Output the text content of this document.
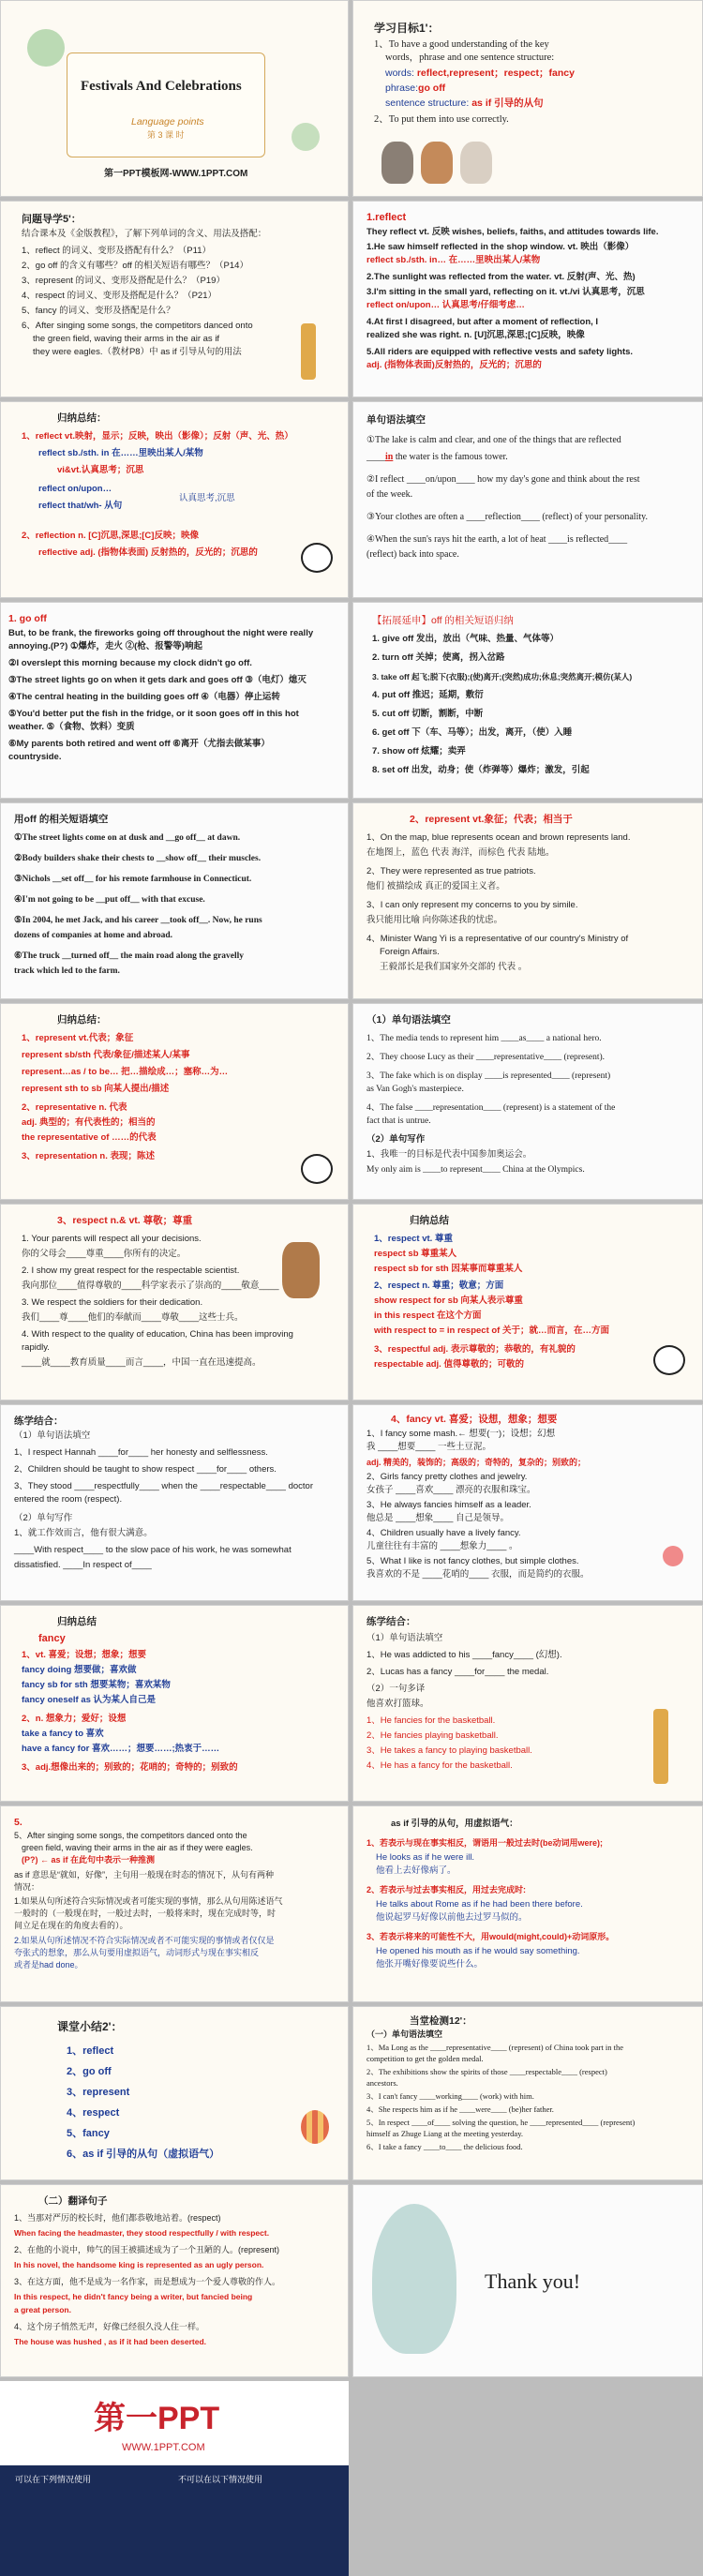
Festivals And Celebrations
Language points
第 3 课 时
第一PPT模板网-WWW.1PPT.COM
学习目标1'：
1、To have a good understanding of the key
words，phrase and one sentence structure:
words: reflect,represent；respect；fancy
phrase:go off
sentence structure: as if 引导的从句
2、To put them into use correctly.
问题导学5'：
结合课本及《金版教程》，了解下列单词的含义、用法及搭配：
1、reflect 的词义、变形及搭配有什么？（P11）
2、go off 的含义有哪些？off 的相关短语有哪些？（P14）
3、represent 的词义、变形及搭配是什么？（P19）
4、respect 的词义、变形及搭配是什么？（P21）
5、fancy 的词义、变形及搭配是什么？
6、After singing some songs, the competitors danced onto
the green field, waving their arms in the air as if
they were eagles.（教材P8）中 as if 引导从句的用法
1.reflect
They reflect vt. 反映 wishes, beliefs, faiths, and attitudes towards life.
1.He saw himself reflected in the shop window. vt. 映出（影像）
reflect sb./sth. in… 在……里映出某人/某物
2.The sunlight was reflected from the water. vt. 反射(声、光、热)
3.I'm sitting in the small yard, reflecting on it. vt./vi 认真思考，沉思
reflect on/upon… 认真思考/仔细考虑…
4.At first I disagreed, but after a moment of reflection, I
realized she was right. n. [U]沉思,深思;[C]反映，映像
5.All riders are equipped with reflective vests and safety lights.
adj. (指物体表面)反射热的，反光的；沉思的
归纳总结：
1、reflect vt.映射，显示；反映，映出（影像）；反射（声、光、热）
reflect sb./sth. in 在……里映出某人/某物
vi&vt.认真思考；沉思
reflect on/upon…
reflect that/wh- 从句
认真思考,沉思
2、reflection n. [C]沉思,深思;[C]反映；映像
reflective adj. (指物体表面) 反射热的，反光的；沉思的
单句语法填空
①The lake is calm and clear, and one of the things that are reflected
____in the water is the famous tower.
②I reflect ____on/upon____ how my day's gone and think about the rest
of the week.
③Your clothes are often a ____reflection____ (reflect) of your personality.
④When the sun's rays hit the earth, a lot of heat ____is reflected____
(reflect) back into space.
1. go off
But, to be frank, the fireworks going off throughout the night were really
annoying.(P?) ①爆炸，走火 ②(枪、报警等)响起
②I overslept this morning because my clock didn't go off.
③The street lights go on when it gets dark and goes off ③（电灯）熄灭
④The central heating in the building goes off ④（电器）停止运转
⑤You'd better put the fish in the fridge, or it soon goes off in this hot
weather. ⑤（食物、饮料）变质
⑥My parents both retired and went off ⑥离开（尤指去做某事）
countryside.
【拓展延申】off 的相关短语归纳
1. give off 发出，放出（气味、热量、气体等）
2. turn off 关掉；使离，拐入岔路
3. take off 起飞;脱下(衣服);(使)离开;(突然)成功;休息;突然离开;模仿(某人)
4. put off 推迟；延期，敷衍
5. cut off 切断，割断，中断
6. get off 下（车、马等）；出发，离开，（使）入睡
7. show off 炫耀；卖弄
8. set off 出发，动身；使（炸弹等）爆炸；激发，引起
用off 的相关短语填空
①The street lights come on at dusk and __go off__ at dawn.
②Body builders shake their chests to __show off__ their muscles.
③Nichols __set off__ for his remote farmhouse in Connecticut.
④I'm not going to be __put off__ with that excuse.
⑤In 2004, he met Jack, and his career __took off__. Now, he runs
dozens of companies at home and abroad.
⑥The truck __turned off__ the main road along the gravelly
track which led to the farm.
2、represent vt.象征；代表；相当于
1、On the map, blue represents ocean and brown represents land.
在地图上，蓝色 代表 海洋，而棕色 代表 陆地。
2、They were represented as true patriots.
他们 被描绘成 真正的爱国主义者。
3、I can only represent my concerns to you by simile.
我只能用比喻 向你陈述我的忧虑。
4、Minister Wang Yi is a representative of our country's Ministry of
Foreign Affairs.
王毅部长是我们国家外交部的 代表 。
归纳总结：
1、represent vt.代表；象征
represent sb/sth 代表/象征/描述某人/某事
represent…as / to be… 把…描绘成…；塞称…为…
represent sth to sb 向某人提出/描述
2、representative n. 代表
adj. 典型的；有代表性的；相当的
the representative of ……的代表
3、representation n. 表现；陈述
（1）单句语法填空
1、The media tends to represent him ____as____ a national hero.
2、They choose Lucy as their ____representative____ (represent).
3、The fake which is on display ____is represented____ (represent)
as Van Gogh's masterpiece.
4、The false ____representation____ (represent) is a statement of the
fact that is untrue.
（2）单句写作
1、我唯一的目标是代表中国参加奥运会。
My only aim is ____to represent____ China at the Olympics.
3、respect n.& vt. 尊敬；尊重
1. Your parents will respect all your decisions.
你的父母会____尊重____你所有的决定。
2. I show my great respect for the respectable scientist.
我向那位____值得尊敬的____科学家表示了崇高的____敬意____
3. We respect the soldiers for their dedication.
我们____尊____他们的奉献而____尊敬____这些士兵。
4. With respect to the quality of education, China has been improving
rapidly.
____就____教育质量____而言____，中国一直在迅速提高。
归纳总结
1、respect vt. 尊重
respect sb 尊重某人
respect sb for sth 因某事而尊重某人
2、respect n. 尊重；敬意；方面
show respect for sb 向某人表示尊重
in this respect 在这个方面
with respect to = in respect of 关于；就…而言，在…方面
3、respectful adj. 表示尊敬的；恭敬的，有礼貌的
respectable adj. 值得尊敬的；可敬的
练学结合：
（1）单句语法填空
1、I respect Hannah ____for____ her honesty and selflessness.
2、Children should be taught to show respect ____for____ others.
3、They stood ____respectfully____ when the ____respectable____ doctor
entered the room (respect).
（2）单句写作
1、就工作效而言，他有很大满意。
____With respect____ to the slow pace of his work, he was somewhat
dissatisfied. ____In respect of____
4、fancy vt. 喜爱；设想，想象；想要
1、I fancy some mash.← 想要(一)；设想；幻想
我 ____想要____ 一些土豆泥。
adj. 精美的，装饰的；高级的；奇特的，复杂的；别致的；
2、Girls fancy pretty clothes and jewelry.
女孩子 ____喜欢____ 漂亮的衣服和珠宝。
3、He always fancies himself as a leader.
他总是 ____想象____ 自己是领导。
4、Children usually have a lively fancy.
儿童往往有丰富的 ____想象力____ 。
5、What I like is not fancy clothes, but simple clothes.
我喜欢的不是 ____花哨的____ 衣服，而是简约的衣服。
归纳总结
fancy
1、vt. 喜爱；设想；想象；想要
fancy doing 想要做；喜欢做
fancy sb for sth 想要某物；喜欢某物
fancy oneself as 认为某人自己是
2、n. 想象力；爱好；设想
take a fancy to 喜欢
have a fancy for 喜欢……；想要……;热衷于……
3、adj.想像出来的；别致的；花哨的；奇特的；别致的
练学结合：
（1）单句语法填空
1、He was addicted to his ____fancy____ (幻想).
2、Lucas has a fancy ____for____ the medal.
（2）一句多译
他喜欢打篮球。
1、He fancies for the basketball.
2、He fancies playing basketball.
3、He takes a fancy to playing basketball.
4、He has a fancy for the basketball.
5.
5、After singing some songs, the competitors danced onto the
green field, waving their arms in the air as if they were eagles.
(P?) ← as if 在此句中表示一种推测
as if 意思是“就如，好像”，主句用一般现在时态的情况下，从句有两种
情况：
1.如果从句所述符合实际情况或者可能实现的事情，那么从句用陈述语气
一般时的（一般现在时，一般过去时，一般将来时，现在完成时等，时
间立足在现在的角度去看的）。
2.如果从句所述情况不符合实际情况或者不可能实现的事情或者仅仅是
夸张式的想象，那么从句要用虚拟语气，动词形式与现在事实相反
或者是had done。
as if 引导的从句，用虚拟语气：
1、若表示与现在事实相反，谓语用一般过去时(be动词用were);
He looks as if he were ill.
他看上去好像病了。
2、若表示与过去事实相反，用过去完成时:
He talks about Rome as if he had been there before.
他说起罗马好像以前他去过罗马似的。
3、若表示将来的可能性不大，用would(might,could)+动词原形。
He opened his mouth as if he would say something.
他张开嘴好像要说些什么。
课堂小结2'：
1、reflect
2、go off
3、represent
4、respect
5、fancy
6、as if 引导的从句（虚拟语气）
当堂检测12'：
（一）单句语法填空
1、Ma Long as the ____representative____ (represent) of China took part in the
competition to get the golden medal.
2、The exhibitions show the spirits of those ____respectable____ (respect)
ancestors.
3、I can't fancy ____working____ (work) with him.
4、She respects him as if he ____were____ (be)her father.
5、In respect ____of____ solving the question, he ____represented____ (represent)
himself as Zhuge Liang at the meeting yesterday.
6、I take a fancy ____to____ the delicious food.
（二）翻译句子
1、当那对严厉的校长时，他们都恭敬地站着。(respect)
When facing the headmaster, they stood respectfully / with respect.
2、在他的小说中，帅气的国王被描述成为了一个丑陋的人。(represent)
In his novel, the handsome king is represented as an ugly person.
3、在这方面，他不是成为一名作家，而是想成为一个爱人尊敬的作人。
In this respect, he didn't fancy being a writer, but fancied being
a great person.
4、这个房子悄然无声，好像已经很久没人住一样。
The house was hushed , as if it had been deserted.
Thank you!
第一PPT
WWW.1PPT.COM
可以在下列情况使用	不可以在以下情况使用
